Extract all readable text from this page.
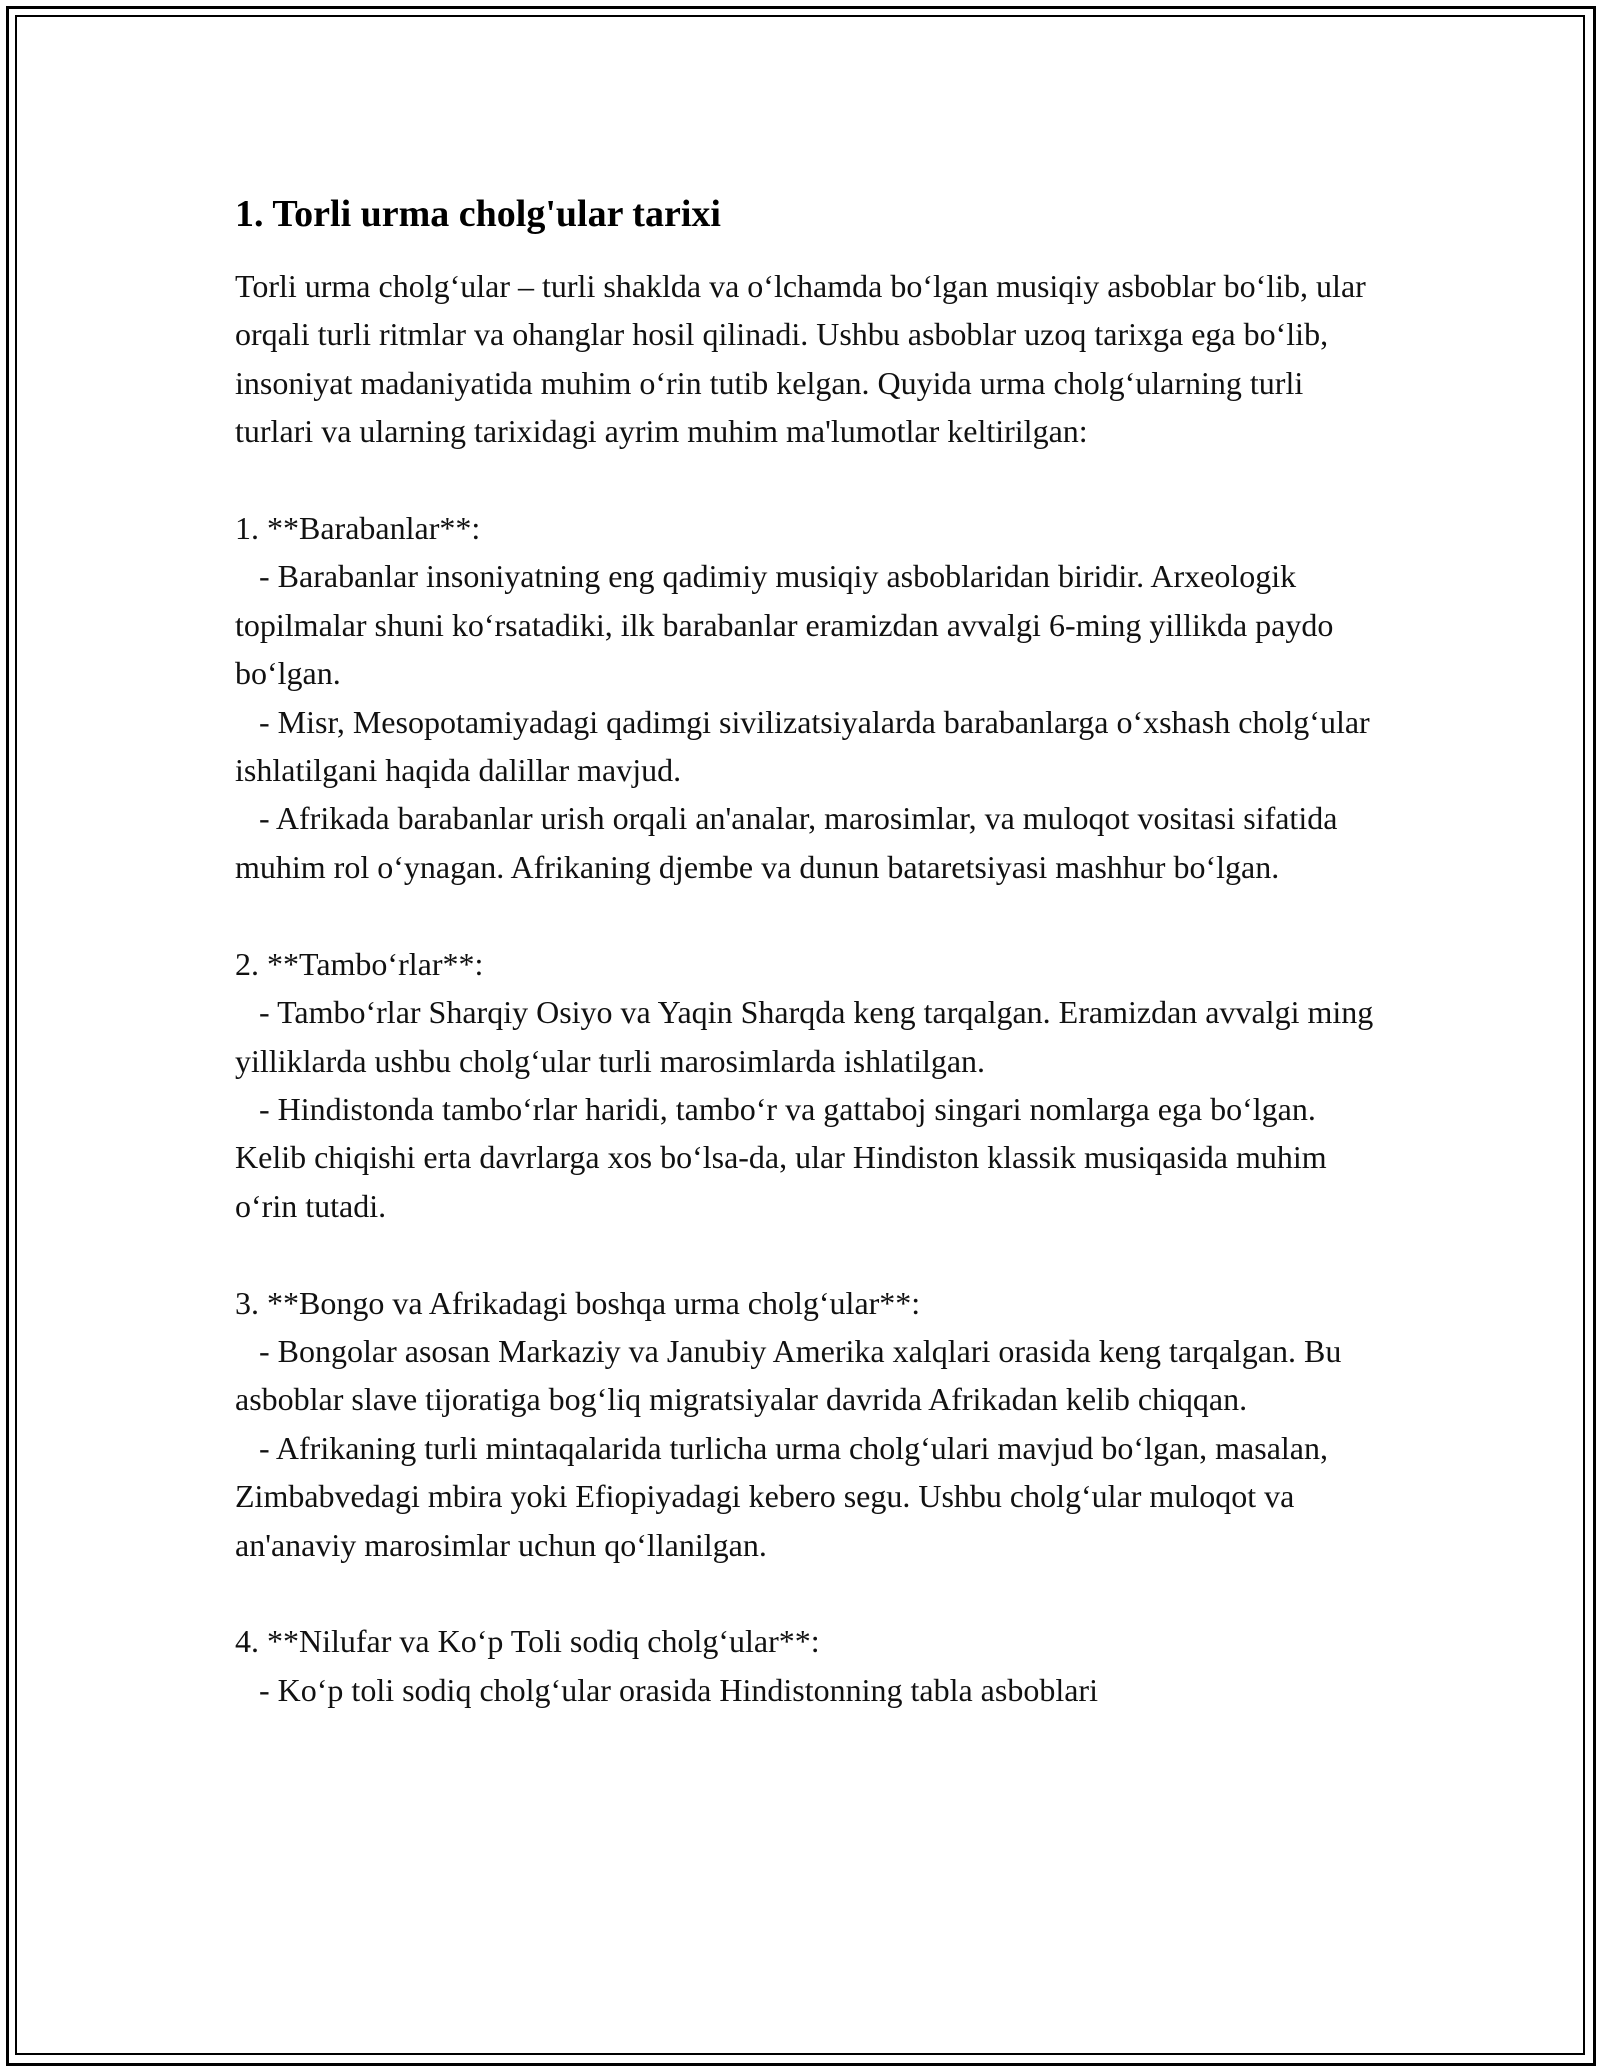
1. Torli urma cholg'ular tarixi

Torli urma cholg‘ular – turli shaklda va o‘lchamda bo‘lgan musiqiy asboblar bo‘lib, ular orqali turli ritmlar va ohanglar hosil qilinadi. Ushbu asboblar uzoq tarixga ega bo‘lib, insoniyat madaniyatida muhim o‘rin tutib kelgan. Quyida urma cholg‘ularning turli turlari va ularning tarixidagi ayrim muhim ma'lumotlar keltirilgan:

1. **Barabanlar**:
- Barabanlar insoniyatning eng qadimiy musiqiy asboblaridan biridir. Arxeologik topilmalar shuni ko‘rsatadiki, ilk barabanlar eramizdan avvalgi 6-ming yillikda paydo bo‘lgan.
- Misr, Mesopotamiyadagi qadimgi sivilizatsiyalarda barabanlarga o‘xshash cholg‘ular ishlatilgani haqida dalillar mavjud.
- Afrikada barabanlar urish orqali an'analar, marosimlar, va muloqot vositasi sifatida muhim rol o‘ynagan. Afrikaning djembe va dunun bataretsiyasi mashhur bo‘lgan.

2. **Tambo‘rlar**:
- Tambo‘rlar Sharqiy Osiyo va Yaqin Sharqda keng tarqalgan. Eramizdan avvalgi ming yilliklarda ushbu cholg‘ular turli marosimlarda ishlatilgan.
- Hindistonda tambo‘rlar haridi, tambo‘r va gattaboj singari nomlarga ega bo‘lgan. Kelib chiqishi erta davrlarga xos bo‘lsa-da, ular Hindiston klassik musiqasida muhim o‘rin tutadi.

3. **Bongo va Afrikadagi boshqa urma cholg‘ular**:
- Bongolar asosan Markaziy va Janubiy Amerika xalqlari orasida keng tarqalgan. Bu asboblar slave tijoratiga bog‘liq migratsiyalar davrida Afrikadan kelib chiqqan.
- Afrikaning turli mintaqalarida turlicha urma cholg‘ulari mavjud bo‘lgan, masalan, Zimbabvedagi mbira yoki Efiopiyadagi kebero segu. Ushbu cholg‘ular muloqot va an'anaviy marosimlar uchun qo‘llanilgan.

4. **Nilufar va Ko‘p Toli sodiq cholg‘ular**:
- Ko‘p toli sodiq cholg‘ular orasida Hindistonning tabla asboblari
